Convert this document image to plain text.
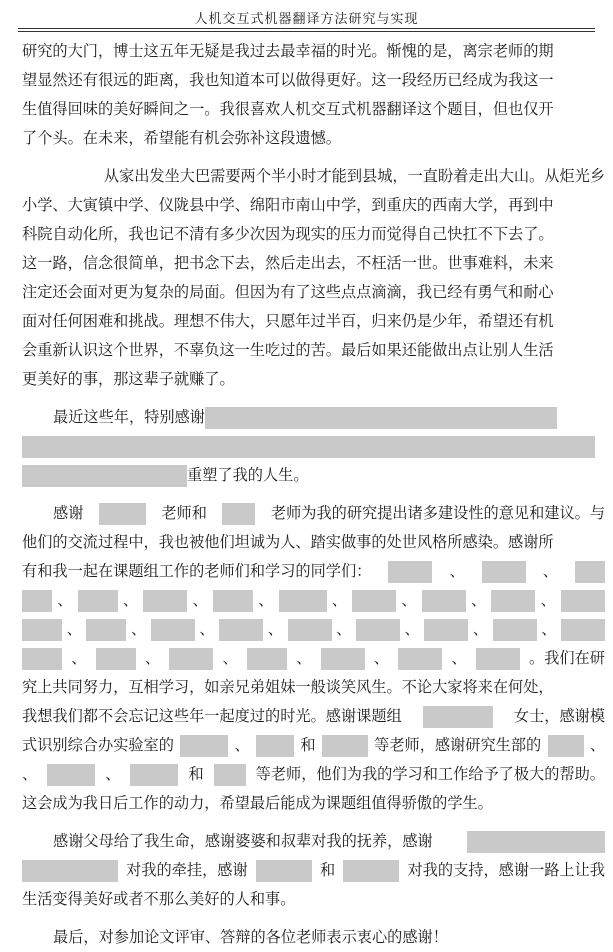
人机交互式机器翻译方法研究与实现
研究的大门，博士这五年无疑是我过去最幸福的时光。惭愧的是，离宗老师的期
望显然还有很远的距离，我也知道本可以做得更好。这一段经历已经成为我这一
生值得回味的美好瞬间之一。我很喜欢人机交互式机器翻译这个题目，但也仅开
了个头。在未来，希望能有机会弥补这段遗憾。
从家出发坐大巴需要两个半小时才能到县城，一直盼着走出大山。从炬光乡
小学、大寅镇中学、仪陇县中学、绵阳市南山中学，到重庆的西南大学，再到中
科院自动化所，我也记不清有多少次因为现实的压力而觉得自己快扛不下去了。
这一路，信念很简单，把书念下去，然后走出去，不枉活一世。世事难料，未来
注定还会面对更为复杂的局面。但因为有了这些点点滴滴，我已经有勇气和耐心
面对任何困难和挑战。理想不伟大，只愿年过半百，归来仍是少年，希望还有机
会重新认识这个世界，不辜负这一生吃过的苦。最后如果还能做出点让别人生活
更美好的事，那这辈子就赚了。
最近这些年，特别感谢
重塑了我的人生。
感谢	老师和	老师为我的研究提出诸多建设性的意见和建议。与
他们的交流过程中，我也被他们坦诚为人、踏实做事的处世风格所感染。感谢所
有和我一起在课题组工作的老师们和学习的同学们：	、	、
、	、	、	、	、	、	、	、
、	、	、	、	、	、	、	、
、	、	、	、	、	、	。我们在研
究上共同努力，互相学习，如亲兄弟姐妹一般谈笑风生。不论大家将来在何处，
我想我们都不会忘记这些年一起度过的时光。感谢课题组	女士，感谢模
式识别综合办实验室的	、	和	等老师，感谢研究生部的	、
、	、	和	等老师，他们为我的学习和工作给予了极大的帮助。
这会成为我日后工作的动力，希望最后能成为课题组值得骄傲的学生。
感谢父母给了我生命，感谢婆婆和叔辈对我的抚养，感谢
对我的牵挂，感谢	和	对我的支持，感谢一路上让我
生活变得美好或者不那么美好的人和事。
最后，对参加论文评审、答辩的各位老师表示衷心的感谢！
